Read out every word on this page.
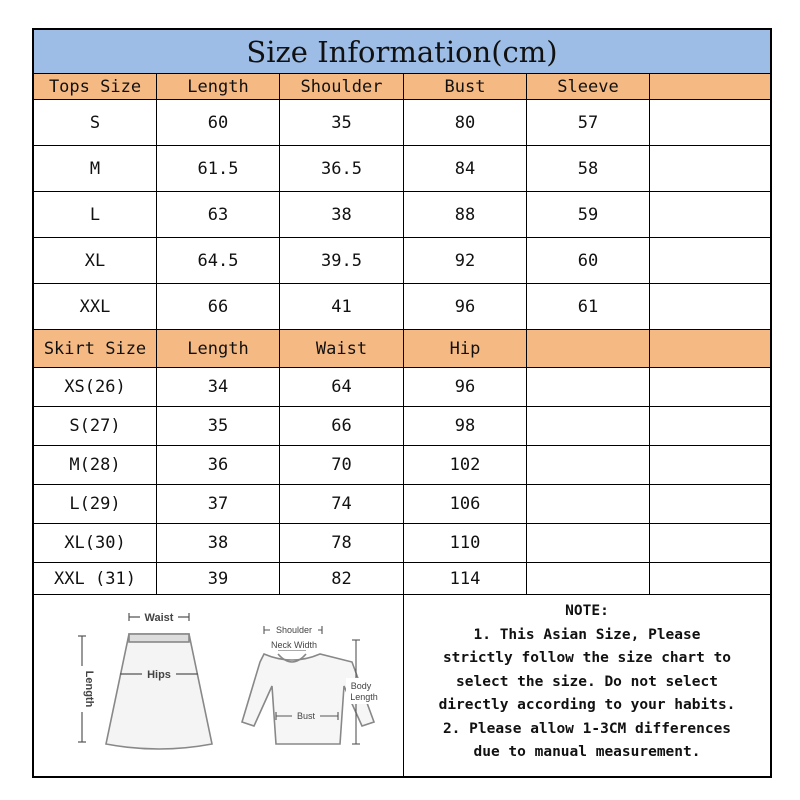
Size Information(cm)
Tops Size	Length	Shoulder	Bust	Sleeve
S	60	35	80	57
M	61.5	36.5	84	58
L	63	38	88	59
XL	64.5	39.5	92	60
XXL	66	41	96	61
Skirt Size	Length	Waist	Hip
XS(26)	34	64	96
S(27)	35	66	98
M(28)	36	70	102
L(29)	37	74	106
XL(30)	38	78	110
XXL (31)	39	82	114
Waist
Hips
Length
Shoulder
Neck Width
Bust
Body
Length
NOTE:
1. This Asian Size, Please
strictly follow the size chart to
select the size. Do not select
directly according to your habits.
2. Please allow 1-3CM differences
due to manual measurement.
